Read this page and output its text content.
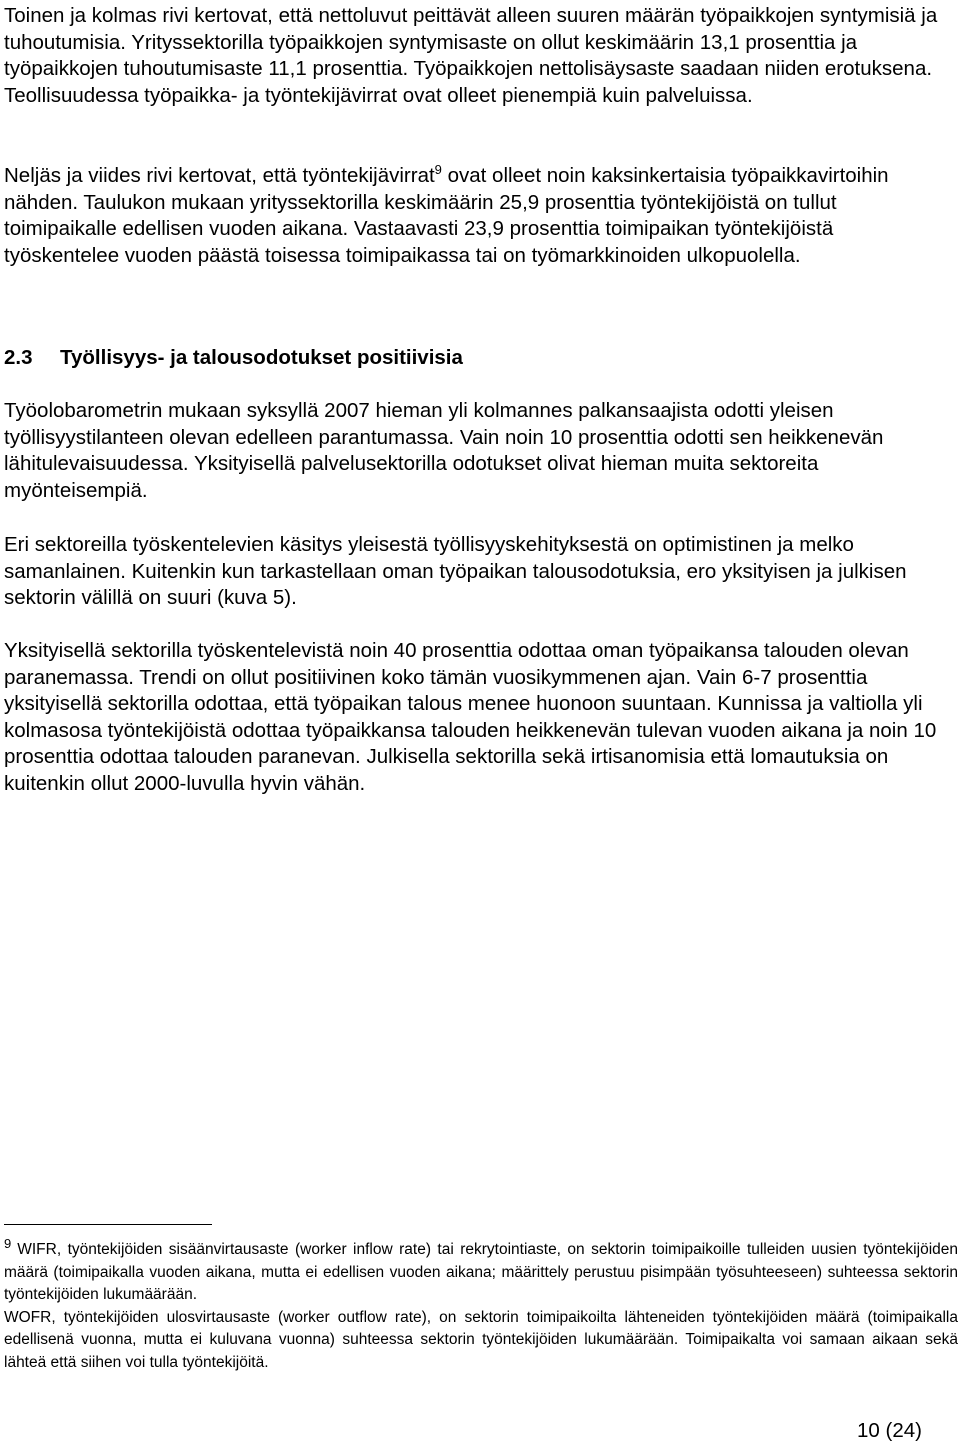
Toinen ja kolmas rivi kertovat, että nettoluvut peittävät alleen suuren määrän työpaikkojen syntymisiä ja tuhoutumisia. Yrityssektorilla työpaikkojen syntymisaste on ollut keskimäärin 13,1 prosenttia ja työpaikkojen tuhoutumisaste 11,1 prosenttia. Työpaikkojen nettolisäysaste saadaan niiden erotuksena. Teollisuudessa työpaikka- ja työntekijävirrat ovat olleet pienempiä kuin palveluissa.

Neljäs ja viides rivi kertovat, että työntekijävirrat$^9$ ovat olleet noin kaksinkertaisia työpaikkavirtoihin nähden. Taulukon mukaan yrityssektorilla keskimäärin 25,9 prosenttia työntekijöistä on tullut toimipaikalle edellisen vuoden aikana. Vastaavasti 23,9 prosenttia toimipaikan työntekijöistä työskentelee vuoden päästä toisessa toimipaikassa tai on työmarkkinoiden ulkopuolella.

2.3 Työllisyys- ja talousodotukset positiivisia

Työolobarometrin mukaan syksyllä 2007 hieman yli kolmannes palkansaajista odotti yleisen työllisyystilanteen olevan edelleen parantumassa. Vain noin 10 prosenttia odotti sen heikkenevän lähitulevaisuudessa. Yksityisellä palvelusektorilla odotukset olivat hieman muita sektoreita myönteisempiä.

Eri sektoreilla työskentelevien käsitys yleisestä työllisyyskehityksestä on optimistinen ja melko samanlainen. Kuitenkin kun tarkastellaan oman työpaikan talousodotuksia, ero yksityisen ja julkisen sektorin välillä on suuri (kuva 5).

Yksityisellä sektorilla työskentelevistä noin 40 prosenttia odottaa oman työpaikansa talouden olevan paranemassa. Trendi on ollut positiivinen koko tämän vuosikymmenen ajan. Vain 6-7 prosenttia yksityisellä sektorilla odottaa, että työpaikan talous menee huonoon suuntaan. Kunnissa ja valtiolla yli kolmasosa työntekijöistä odottaa työpaikkansa talouden heikkenevän tulevan vuoden aikana ja noin 10 prosenttia odottaa talouden paranevan. Julkisella sektorilla sekä irtisanomisia että lomautuksia on kuitenkin ollut 2000-luvulla hyvin vähän.

$^9$ WIFR, työntekijöiden sisäänvirtausaste (worker inflow rate) tai rekrytointiaste, on sektorin toimipaikoille tulleiden uusien työntekijöiden määrä (toimipaikalla vuoden aikana, mutta ei edellisen vuoden aikana; määrittely perustuu pisimpään työsuhteeseen) suhteessa sektorin työntekijöiden lukumäärään.

WOFR, työntekijöiden ulosvirtausaste (worker outflow rate), on sektorin toimipaikoilta lähteneiden työntekijöiden määrä (toimipaikalla edellisenä vuonna, mutta ei kuluvana vuonna) suhteessa sektorin työntekijöiden lukumäärään. Toimipaikalta voi samaan aikaan sekä lähteä että siihen voi tulla työntekijöitä.

10 (24)
